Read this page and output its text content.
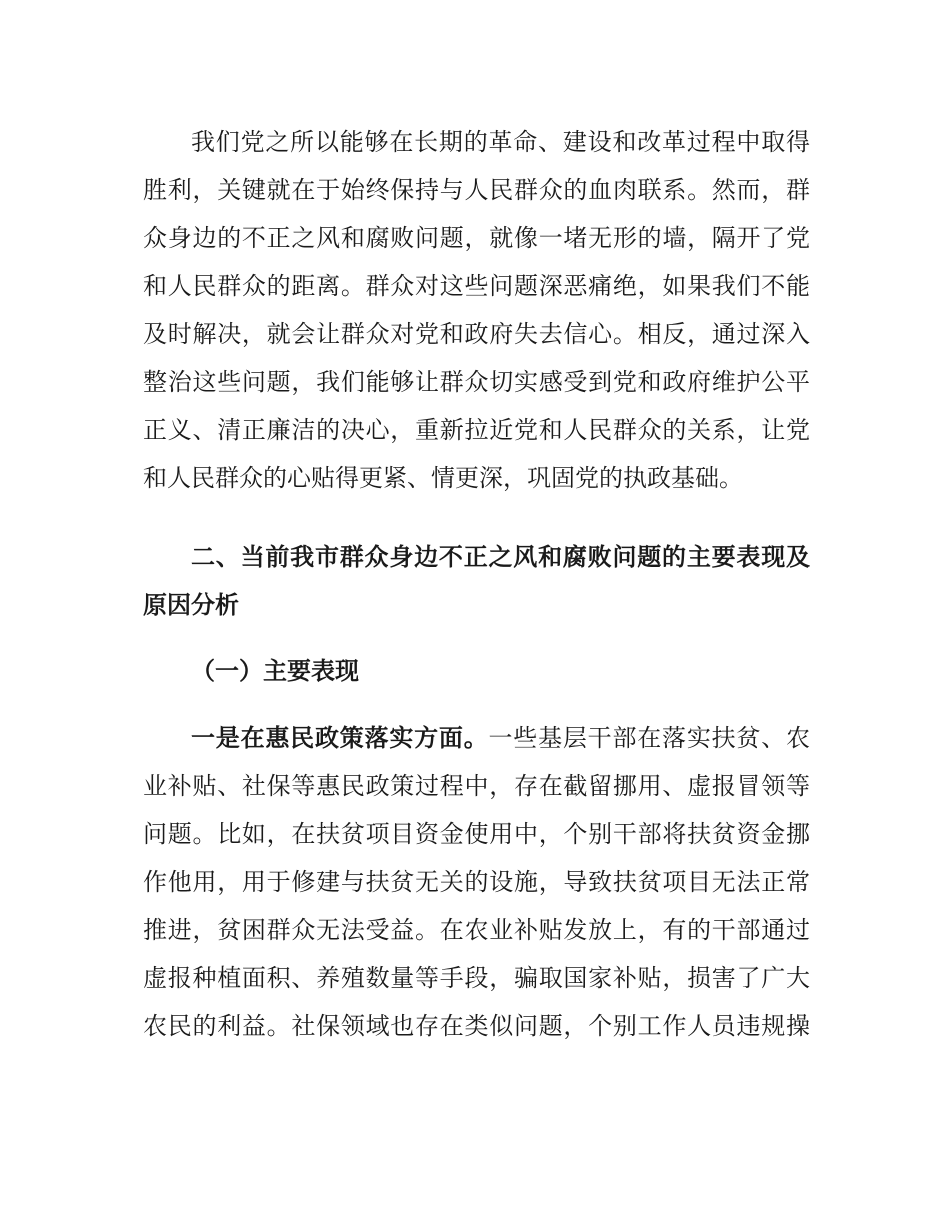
我们党之所以能够在长期的革命、建设和改革过程中取得
胜利，关键就在于始终保持与人民群众的血肉联系。然而，群
众身边的不正之风和腐败问题，就像一堵无形的墙，隔开了党
和人民群众的距离。群众对这些问题深恶痛绝，如果我们不能
及时解决，就会让群众对党和政府失去信心。相反，通过深入
整治这些问题，我们能够让群众切实感受到党和政府维护公平
正义、清正廉洁的决心，重新拉近党和人民群众的关系，让党
和人民群众的心贴得更紧、情更深，巩固党的执政基础。
二、当前我市群众身边不正之风和腐败问题的主要表现及
原因分析
（一）主要表现
一是在惠民政策落实方面。一些基层干部在落实扶贫、农
业补贴、社保等惠民政策过程中，存在截留挪用、虚报冒领等
问题。比如，在扶贫项目资金使用中，个别干部将扶贫资金挪
作他用，用于修建与扶贫无关的设施，导致扶贫项目无法正常
推进，贫困群众无法受益。在农业补贴发放上，有的干部通过
虚报种植面积、养殖数量等手段，骗取国家补贴，损害了广大
农民的利益。社保领域也存在类似问题，个别工作人员违规操
